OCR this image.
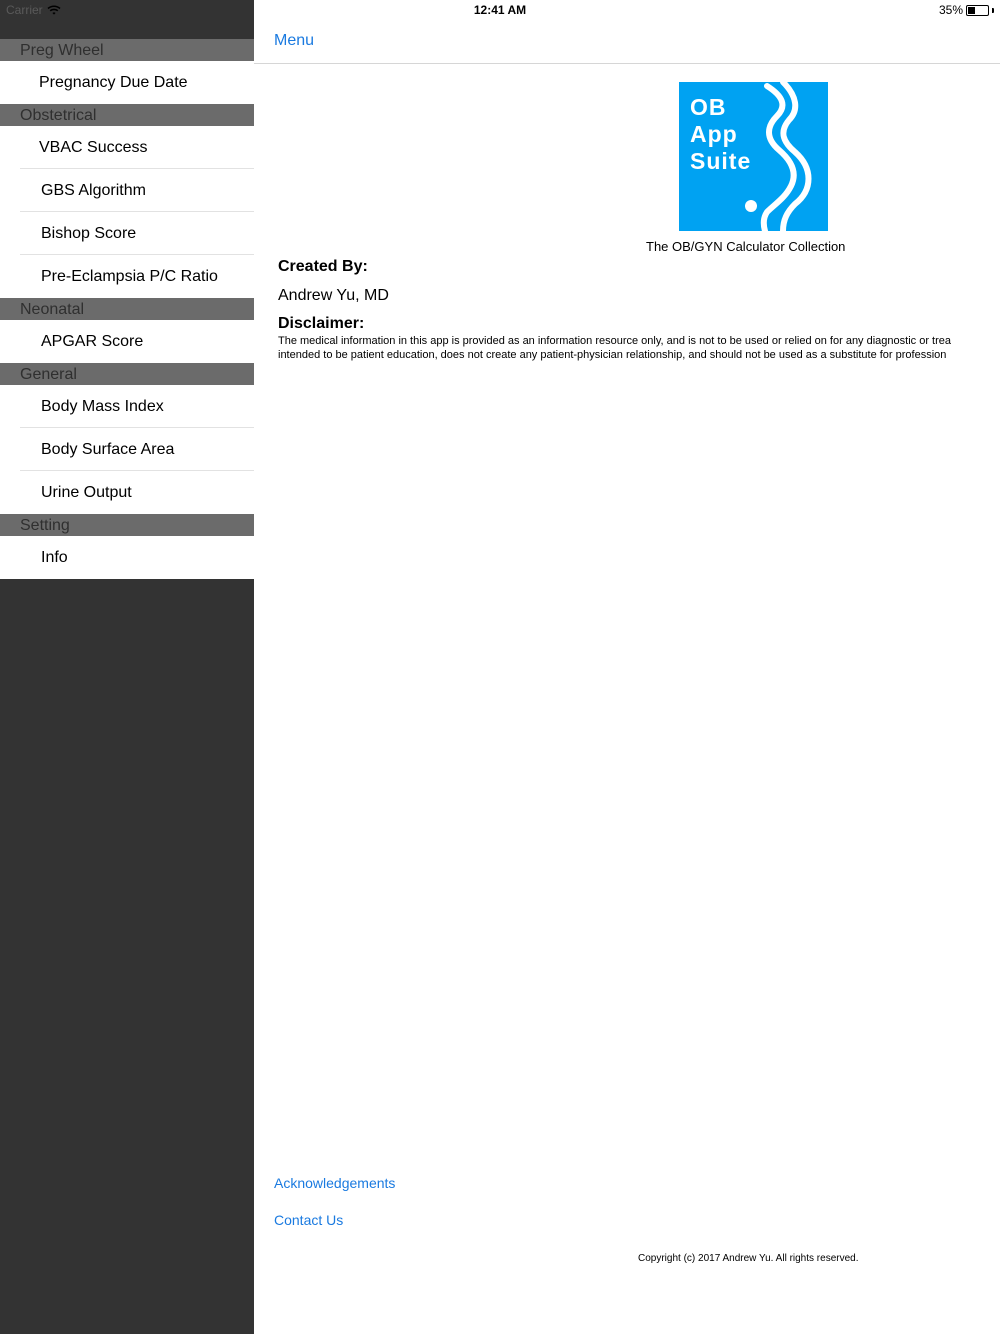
Preg Wheel
Pregnancy Due Date
Obstetrical
VBAC Success
GBS Algorithm
Bishop Score
Pre-Eclampsia P/C Ratio
Neonatal
APGAR Score
General
Body Mass Index
Body Surface Area
Urine Output
Setting
Info
Menu
OB
App
Suite
The OB/GYN Calculator Collection
Created By:
Andrew Yu, MD
Disclaimer:
The medical information in this app is provided as an information resource only, and is not to be used or relied on for any diagnostic or trea
intended to be patient education, does not create any patient-physician relationship, and should not be used as a substitute for profession
Acknowledgements
Contact Us
Copyright (c) 2017 Andrew Yu. All rights reserved.
Carrier	12:41 AM	35%
